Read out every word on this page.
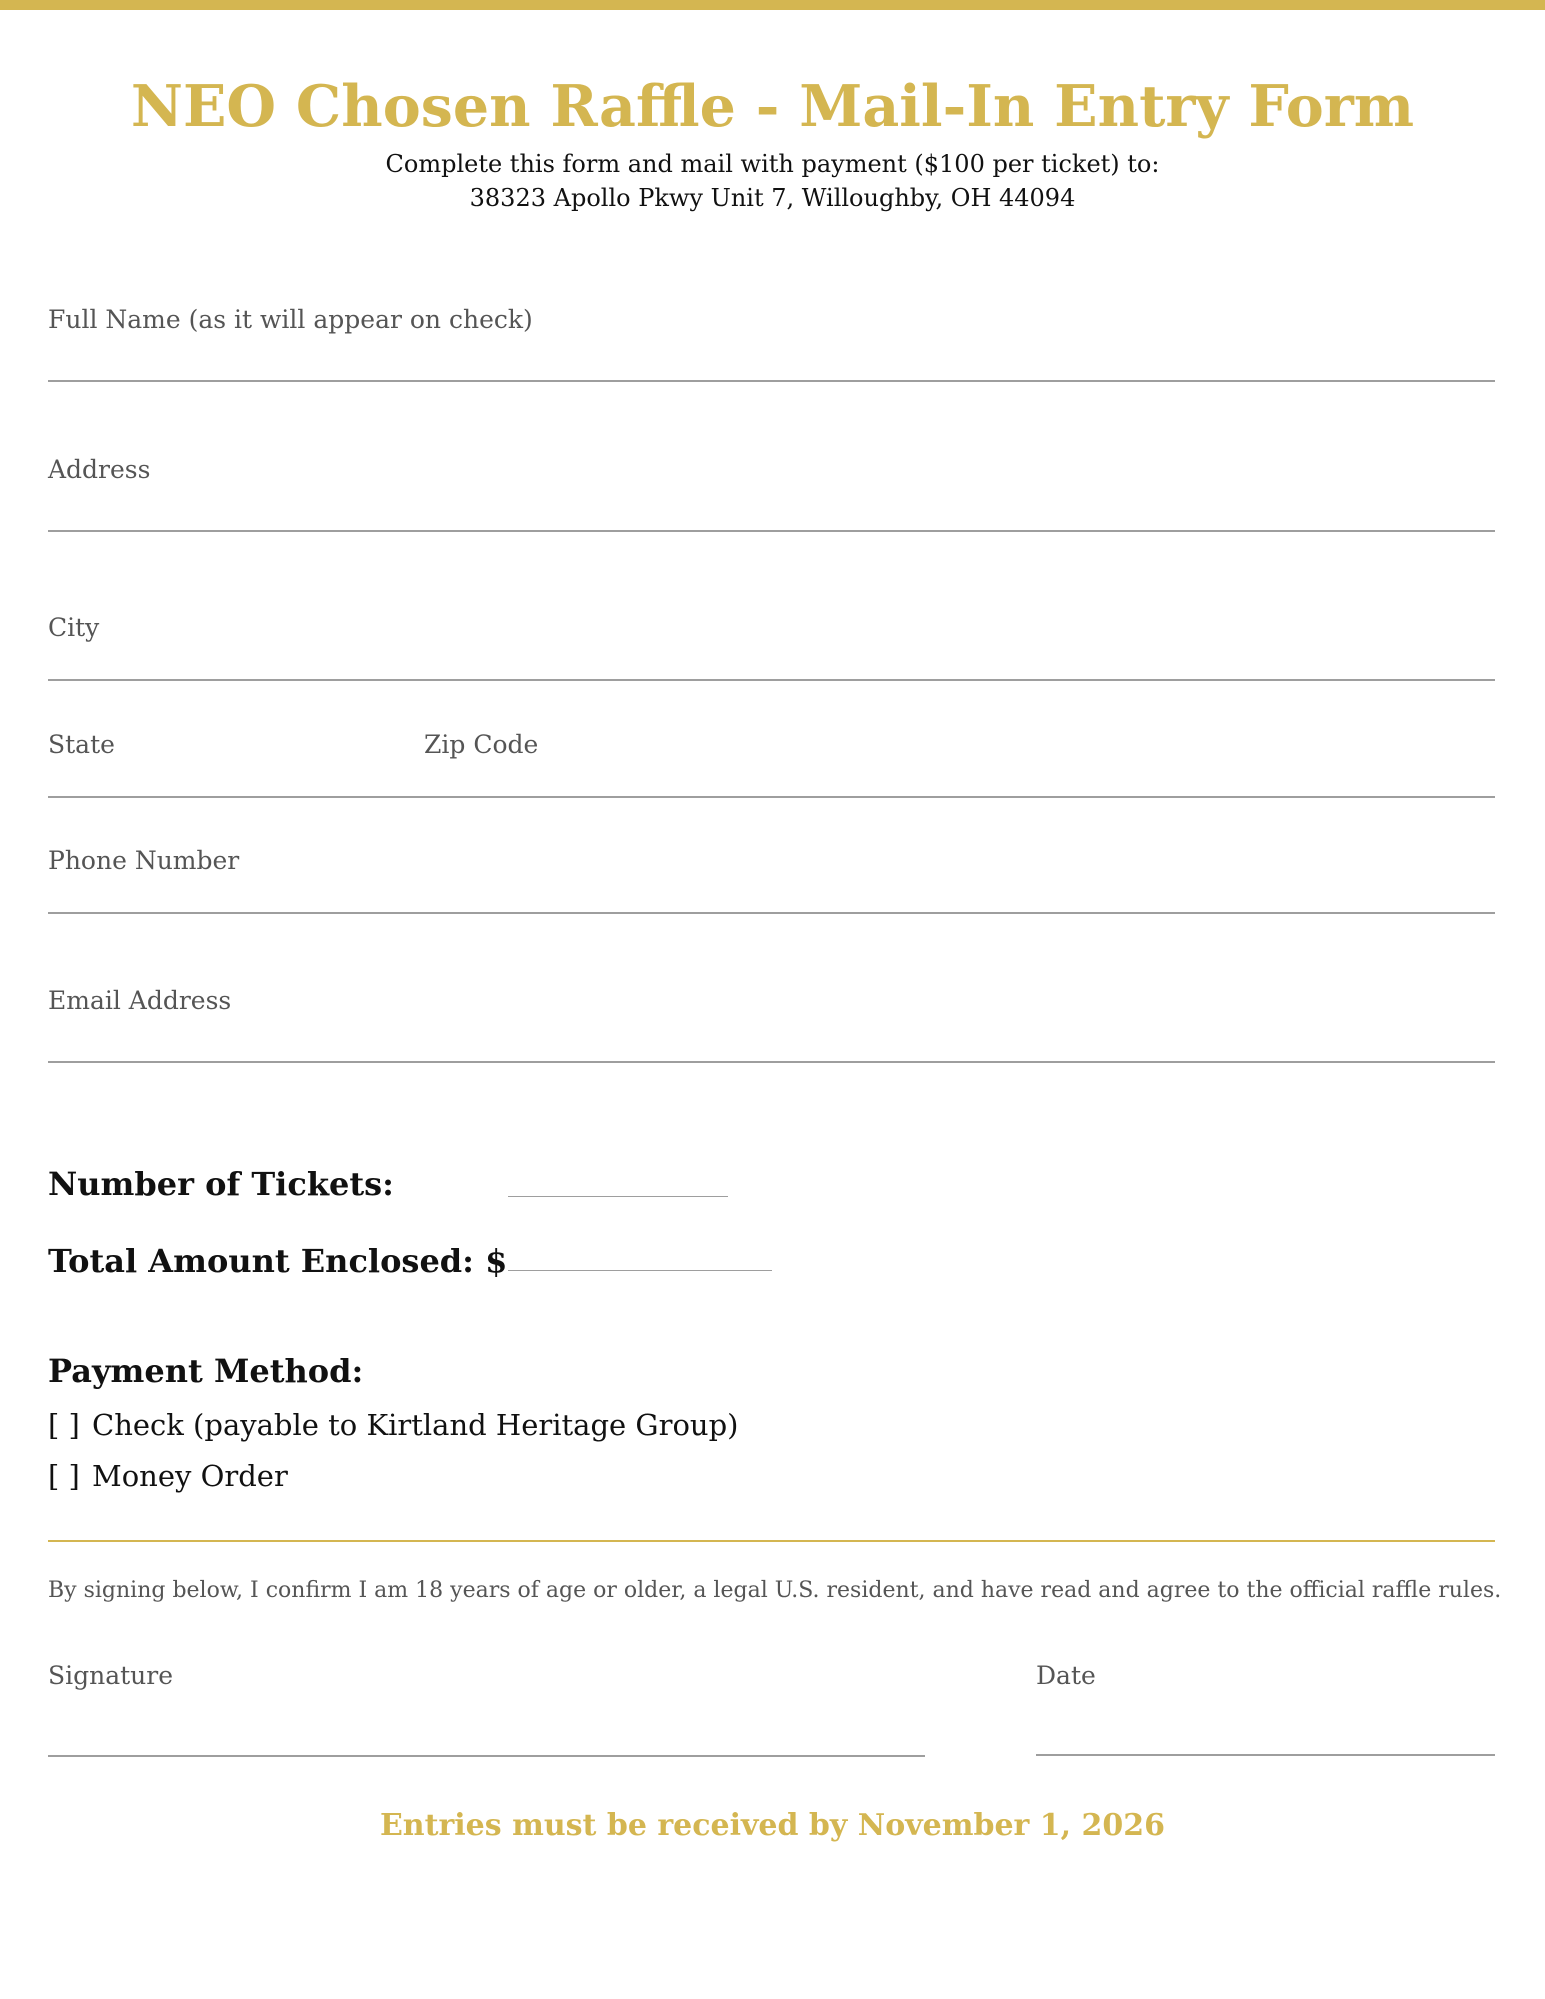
NEO Chosen Raffle - Mail-In Entry Form
Complete this form and mail with payment ($100 per ticket) to:
38323 Apollo Pkwy Unit 7, Willoughby, OH 44094
Full Name (as it will appear on check)
Address
City
State	Zip Code
Phone Number
Email Address
Number of Tickets:
Total Amount Enclosed: $
Payment Method:
[ ] Check (payable to Kirtland Heritage Group)
[ ] Money Order
By signing below, I confirm I am 18 years of age or older, a legal U.S. resident, and have read and agree to the official raffle rules.
Signature	Date
Entries must be received by November 1, 2026
